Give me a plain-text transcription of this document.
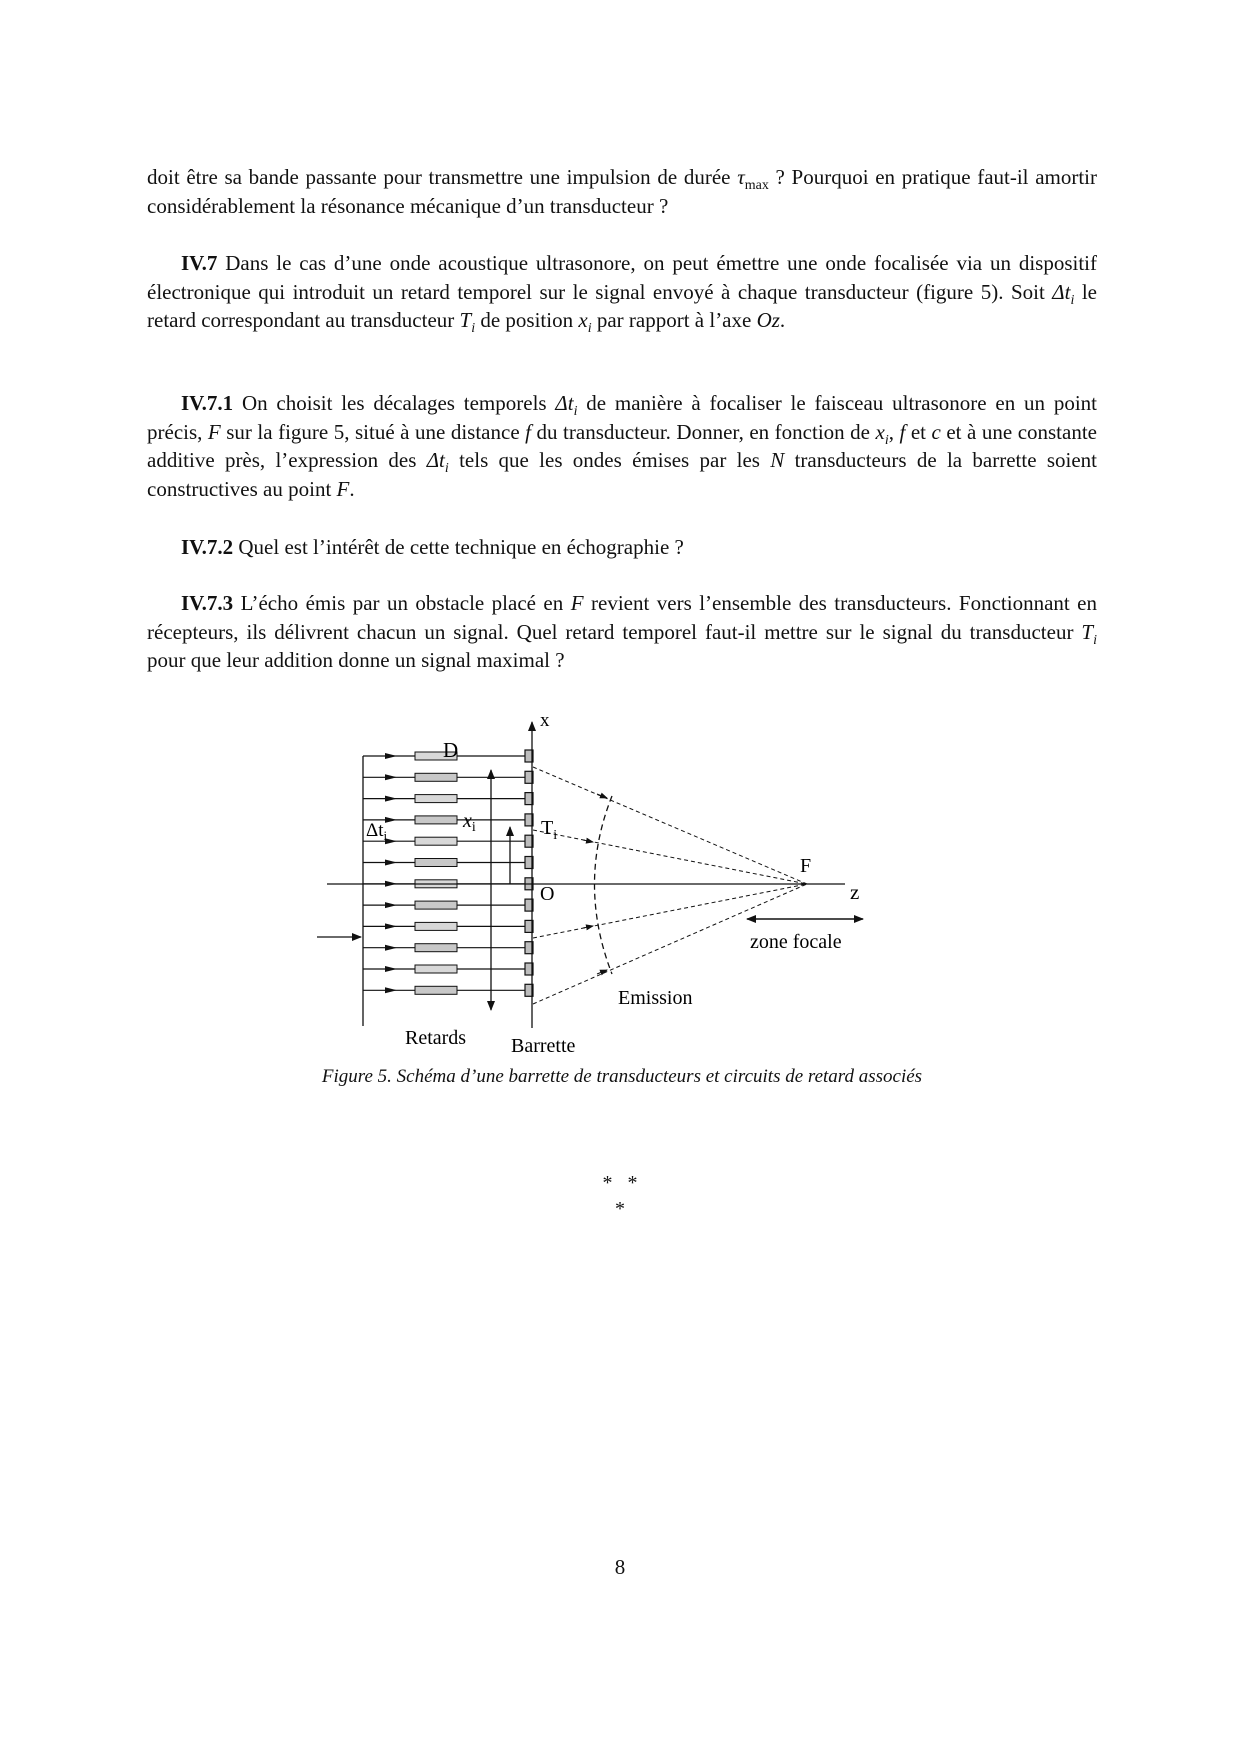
doit être sa bande passante pour transmettre une impulsion de durée $\tau_{max}$ ? Pourquoi en pratique faut-il amortir considérablement la résonance mécanique d’un transducteur ?

IV.7 Dans le cas d’une onde acoustique ultrasonore, on peut émettre une onde focalisée via un dispositif électronique qui introduit un retard temporel sur le signal envoyé à chaque transducteur (figure 5). Soit $\Delta t_i$ le retard correspondant au transducteur $T_i$ de position $x_i$ par rapport à l’axe Oz.

IV.7.1 On choisit les décalages temporels $\Delta t_i$ de manière à focaliser le faisceau ultrasonore en un point précis, F sur la figure 5, situé à une distance f du transducteur. Donner, en fonction de $x_i$, f et c et à une constante additive près, l’expression des $\Delta t_i$ tels que les ondes émises par les N transducteurs de la barrette soient constructives au point F.

IV.7.2 Quel est l’intérêt de cette technique en échographie ?

IV.7.3 L’écho émis par un obstacle placé en F revient vers l’ensemble des transducteurs. Fonctionnant en récepteurs, ils délivrent chacun un signal. Quel retard temporel faut-il mettre sur le signal du transducteur $T_i$ pour que leur addition donne un signal maximal ?

x
z
D
$x_i$	$T_i$
$\Delta t_i$
O
F
zone focale
Emission
Retards Barrette
Figure 5. Schéma d’une barrette de transducteurs et circuits de retard associés
*   *
*
8
